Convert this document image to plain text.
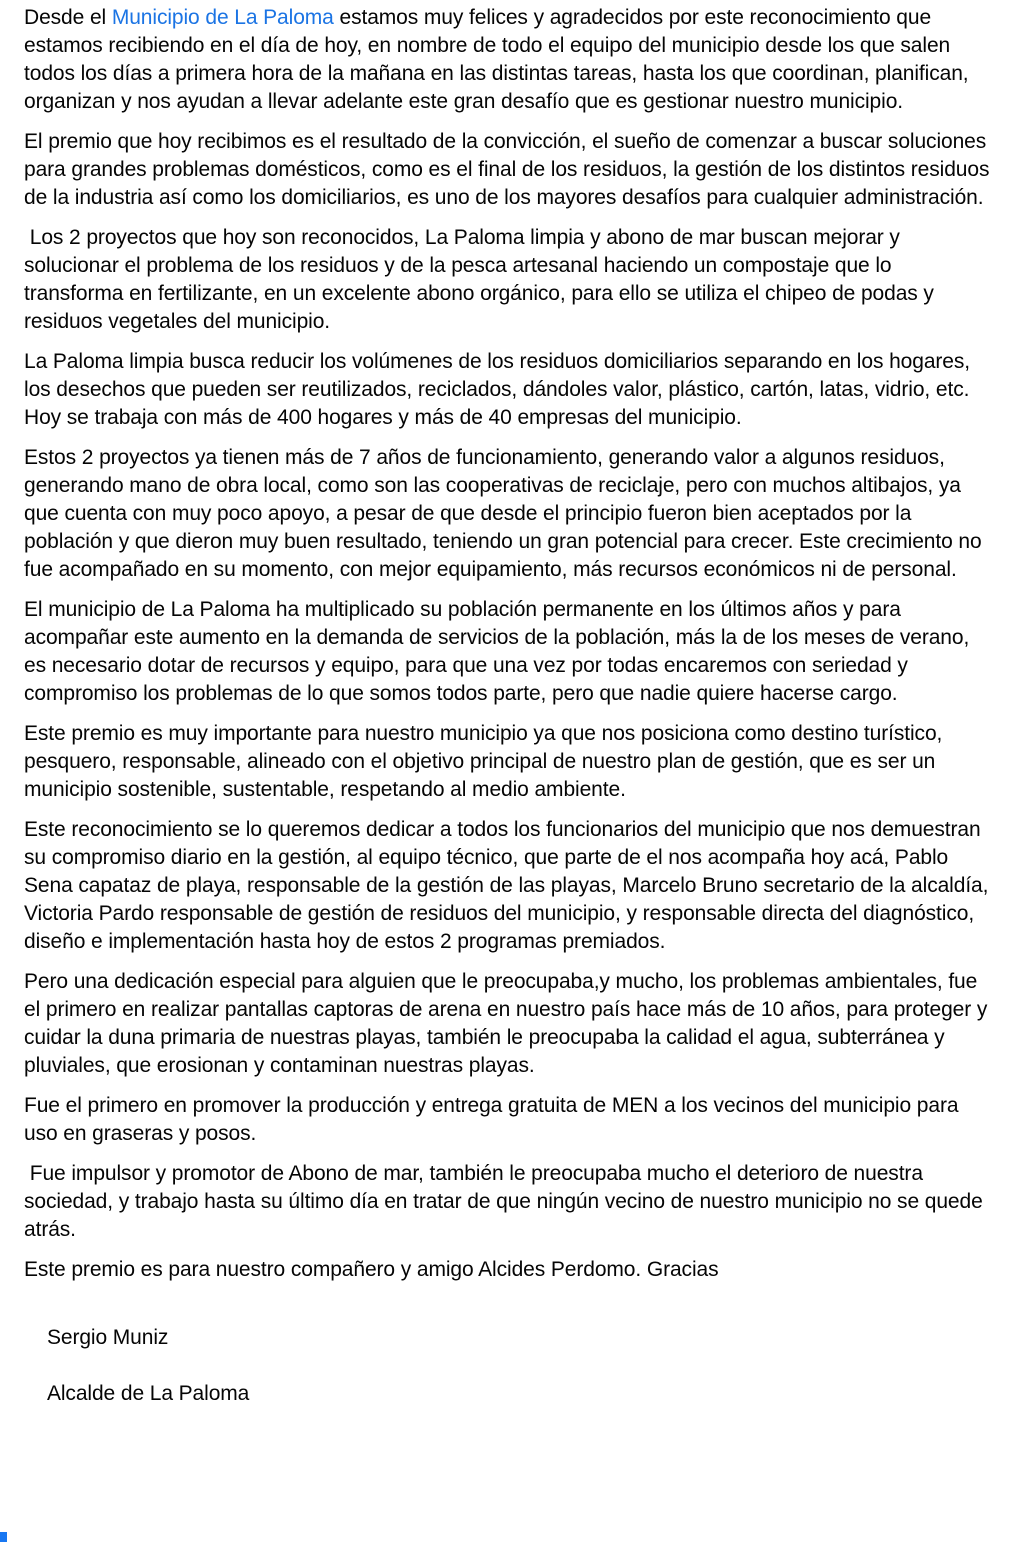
Desde el Municipio de La Paloma estamos muy felices y agradecidos por este reconocimiento que estamos recibiendo en el día de hoy, en nombre de todo el equipo del municipio desde los que salen todos los días a primera hora de la mañana en las distintas tareas, hasta los que coordinan, planifican, organizan y nos ayudan a llevar adelante este gran desafío que es gestionar nuestro municipio.

El premio que hoy recibimos es el resultado de la convicción, el sueño de comenzar a buscar soluciones para grandes problemas domésticos, como es el final de los residuos, la gestión de los distintos residuos de la industria así como los domiciliarios, es uno de los mayores desafíos para cualquier administración.

Los 2 proyectos que hoy son reconocidos, La Paloma limpia y abono de mar buscan mejorar y solucionar el problema de los residuos y de la pesca artesanal haciendo un compostaje que lo transforma en fertilizante, en un excelente abono orgánico, para ello se utiliza el chipeo de podas y residuos vegetales del municipio.

La Paloma limpia busca reducir los volúmenes de los residuos domiciliarios separando en los hogares, los desechos que pueden ser reutilizados, reciclados, dándoles valor, plástico, cartón, latas, vidrio, etc. Hoy se trabaja con más de 400 hogares y más de 40 empresas del municipio.

Estos 2 proyectos ya tienen más de 7 años de funcionamiento, generando valor a algunos residuos, generando mano de obra local, como son las cooperativas de reciclaje, pero con muchos altibajos, ya que cuenta con muy poco apoyo, a pesar de que desde el principio fueron bien aceptados por la población y que dieron muy buen resultado, teniendo un gran potencial para crecer. Este crecimiento no fue acompañado en su momento, con mejor equipamiento, más recursos económicos ni de personal.

El municipio de La Paloma ha multiplicado su población permanente en los últimos años y para acompañar este aumento en la demanda de servicios de la población, más la de los meses de verano, es necesario dotar de recursos y equipo, para que una vez por todas encaremos con seriedad y compromiso los problemas de lo que somos todos parte, pero que nadie quiere hacerse cargo.

Este premio es muy importante para nuestro municipio ya que nos posiciona como destino turístico, pesquero, responsable, alineado con el objetivo principal de nuestro plan de gestión, que es ser un municipio sostenible, sustentable, respetando al medio ambiente.

Este reconocimiento se lo queremos dedicar a todos los funcionarios del municipio que nos demuestran su compromiso diario en la gestión, al equipo técnico, que parte de el nos acompaña hoy acá, Pablo Sena capataz de playa, responsable de la gestión de las playas, Marcelo Bruno secretario de la alcaldía, Victoria Pardo responsable de gestión de residuos del municipio, y responsable directa del diagnóstico, diseño e implementación hasta hoy de estos 2 programas premiados.

Pero una dedicación especial para alguien que le preocupaba,y mucho, los problemas ambientales, fue el primero en realizar pantallas captoras de arena en nuestro país hace más de 10 años, para proteger y cuidar la duna primaria de nuestras playas, también le preocupaba la calidad el agua, subterránea y pluviales, que erosionan y contaminan nuestras playas.

Fue el primero en promover la producción y entrega gratuita de MEN a los vecinos del municipio para uso en graseras y posos.

Fue impulsor y promotor de Abono de mar, también le preocupaba mucho el deterioro de nuestra sociedad, y trabajo hasta su último día en tratar de que ningún vecino de nuestro municipio no se quede atrás.

Este premio es para nuestro compañero y amigo Alcides Perdomo. Gracias

Sergio Muniz

Alcalde de La Paloma
